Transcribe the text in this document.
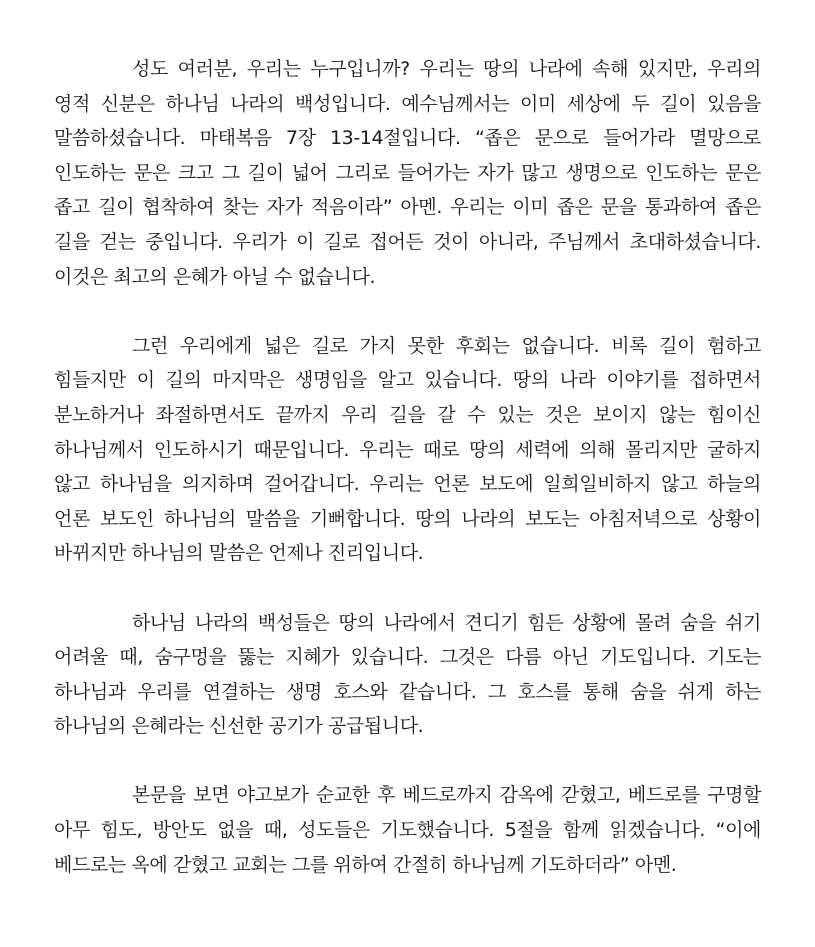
성도 여러분, 우리는 누구입니까? 우리는 땅의 나라에 속해 있지만, 우리의 영적 신분은 하나님 나라의 백성입니다. 예수님께서는 이미 세상에 두 길이 있음을 말씀하셨습니다. 마태복음 7장 13-14절입니다. “좁은 문으로 들어가라 멸망으로 인도하는 문은 크고 그 길이 넓어 그리로 들어가는 자가 많고 생명으로 인도하는 문은 좁고 길이 협착하여 찾는 자가 적음이라” 아멘. 우리는 이미 좁은 문을 통과하여 좁은 길을 걷는 중입니다. 우리가 이 길로 접어든 것이 아니라, 주님께서 초대하셨습니다. 이것은 최고의 은혜가 아닐 수 없습니다.

그런 우리에게 넓은 길로 가지 못한 후회는 없습니다. 비록 길이 험하고 힘들지만 이 길의 마지막은 생명임을 알고 있습니다. 땅의 나라 이야기를 접하면서 분노하거나 좌절하면서도 끝까지 우리 길을 갈 수 있는 것은 보이지 않는 힘이신 하나님께서 인도하시기 때문입니다. 우리는 때로 땅의 세력에 의해 몰리지만 굴하지 않고 하나님을 의지하며 걸어갑니다. 우리는 언론 보도에 일희일비하지 않고 하늘의 언론 보도인 하나님의 말씀을 기뻐합니다. 땅의 나라의 보도는 아침저녁으로 상황이 바뀌지만 하나님의 말씀은 언제나 진리입니다.

하나님 나라의 백성들은 땅의 나라에서 견디기 힘든 상황에 몰려 숨을 쉬기 어려울 때, 숨구멍을 뚫는 지혜가 있습니다. 그것은 다름 아닌 기도입니다. 기도는 하나님과 우리를 연결하는 생명 호스와 같습니다. 그 호스를 통해 숨을 쉬게 하는 하나님의 은혜라는 신선한 공기가 공급됩니다.

본문을 보면 야고보가 순교한 후 베드로까지 감옥에 갇혔고, 베드로를 구명할 아무 힘도, 방안도 없을 때, 성도들은 기도했습니다. 5절을 함께 읽겠습니다. “이에 베드로는 옥에 갇혔고 교회는 그를 위하여 간절히 하나님께 기도하더라” 아멘.
